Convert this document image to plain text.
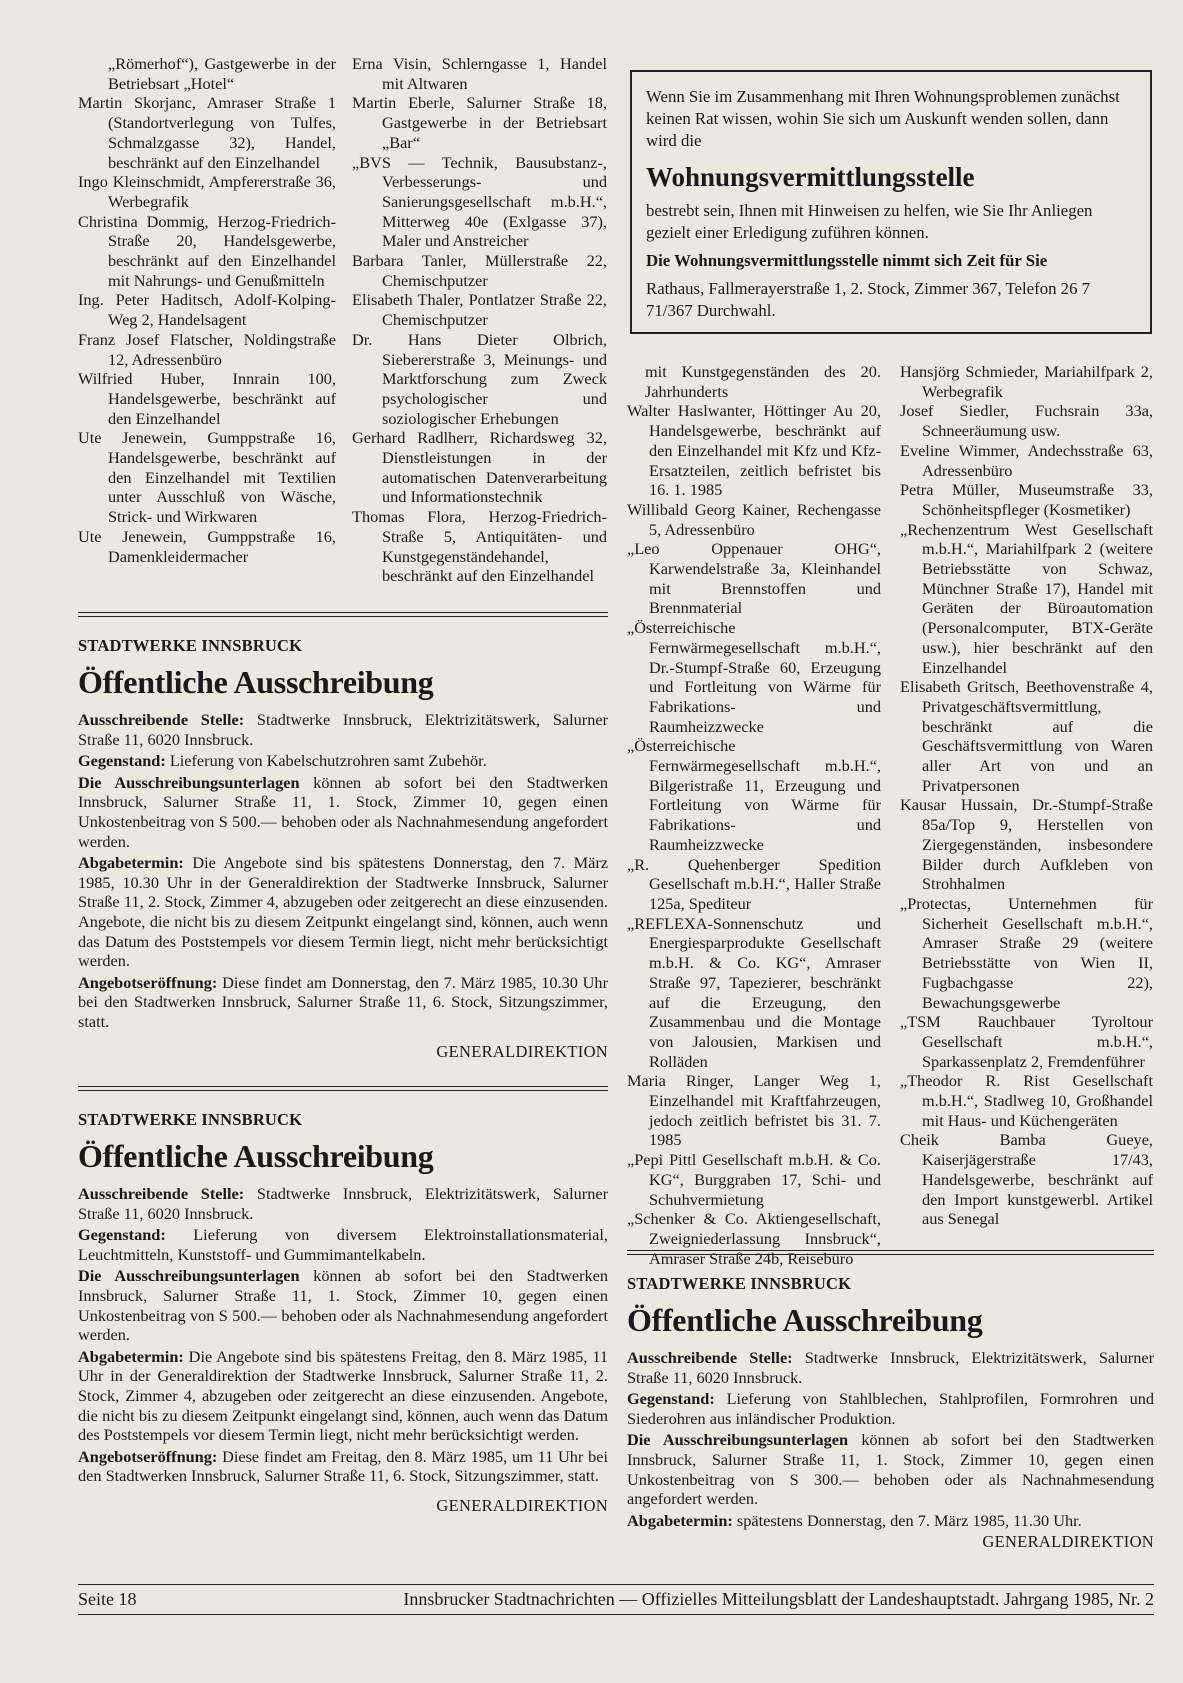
„Römerhof“), Gastgewerbe in der Betriebsart „Hotel“
Martin Skorjanc, Amraser Straße 1 (Standortverlegung von Tulfes, Schmalzgasse 32), Handel, beschränkt auf den Einzelhandel
Ingo Kleinschmidt, Ampfererstraße 36, Werbegrafik
Christina Dommig, Herzog-Friedrich-Straße 20, Handelsgewerbe, beschränkt auf den Einzelhandel mit Nahrungs- und Genußmitteln
Ing. Peter Haditsch, Adolf-Kolping-Weg 2, Handelsagent
Franz Josef Flatscher, Noldingstraße 12, Adressenbüro
Wilfried Huber, Innrain 100, Handelsgewerbe, beschränkt auf den Einzelhandel
Ute Jenewein, Gumppstraße 16, Handelsgewerbe, beschränkt auf den Einzelhandel mit Textilien unter Ausschluß von Wäsche, Strick- und Wirkwaren
Ute Jenewein, Gumppstraße 16, Damenkleidermacher
Erna Visin, Schlerngasse 1, Handel mit Altwaren
Martin Eberle, Salurner Straße 18, Gastgewerbe in der Betriebsart „Bar“
„BVS — Technik, Bausubstanz-, Verbesserungs- und Sanierungsgesellschaft m.b.H.“, Mitterweg 40e (Exlgasse 37), Maler und Anstreicher
Barbara Tanler, Müllerstraße 22, Chemischputzer
Elisabeth Thaler, Pontlatzer Straße 22, Chemischputzer
Dr. Hans Dieter Olbrich, Siebererstraße 3, Meinungs- und Marktforschung zum Zweck psychologischer und soziologischer Erhebungen
Gerhard Radlherr, Richardsweg 32, Dienstleistungen in der automatischen Datenverarbeitung und Informationstechnik
Thomas Flora, Herzog-Friedrich-Straße 5, Antiquitäten- und Kunstgegenständehandel, beschränkt auf den Einzelhandel

Wenn Sie im Zusammenhang mit Ihren Wohnungsproblemen zunächst keinen Rat wissen, wohin Sie sich um Auskunft wenden sollen, dann wird die

Wohnungsvermittlungsstelle

bestrebt sein, Ihnen mit Hinweisen zu helfen, wie Sie Ihr Anliegen gezielt einer Erledigung zuführen können.

Die Wohnungsvermittlungsstelle nimmt sich Zeit für Sie

Rathaus, Fallmerayerstraße 1, 2. Stock, Zimmer 367, Telefon 26 7 71/367 Durchwahl.

mit Kunstgegenständen des 20. Jahrhunderts
Walter Haslwanter, Höttinger Au 20, Handelsgewerbe, beschränkt auf den Einzelhandel mit Kfz und Kfz-Ersatzteilen, zeitlich befristet bis 16. 1. 1985
Willibald Georg Kainer, Rechengasse 5, Adressenbüro
„Leo Oppenauer OHG“, Karwendelstraße 3a, Kleinhandel mit Brennstoffen und Brennmaterial
„Österreichische Fernwärmegesellschaft m.b.H.“, Dr.-Stumpf-Straße 60, Erzeugung und Fortleitung von Wärme für Fabrikations- und Raumheizzwecke
„Österreichische Fernwärmegesellschaft m.b.H.“, Bilgeristraße 11, Erzeugung und Fortleitung von Wärme für Fabrikations- und Raumheizzwecke
„R. Quehenberger Spedition Gesellschaft m.b.H.“, Haller Straße 125a, Spediteur
„REFLEXA-Sonnenschutz und Energiesparprodukte Gesellschaft m.b.H. & Co. KG“, Amraser Straße 97, Tapezierer, beschränkt auf die Erzeugung, den Zusammenbau und die Montage von Jalousien, Markisen und Rolläden
Maria Ringer, Langer Weg 1, Einzelhandel mit Kraftfahrzeugen, jedoch zeitlich befristet bis 31. 7. 1985
„Pepi Pittl Gesellschaft m.b.H. & Co. KG“, Burggraben 17, Schi- und Schuhvermietung
„Schenker & Co. Aktiengesellschaft, Zweigniederlassung Innsbruck“, Amraser Straße 24b, Reisebüro
Hansjörg Schmieder, Mariahilfpark 2, Werbegrafik
Josef Siedler, Fuchsrain 33a, Schneeräumung usw.
Eveline Wimmer, Andechsstraße 63, Adressenbüro
Petra Müller, Museumstraße 33, Schönheitspfleger (Kosmetiker)
„Rechenzentrum West Gesellschaft m.b.H.“, Mariahilfpark 2 (weitere Betriebsstätte von Schwaz, Münchner Straße 17), Handel mit Geräten der Büroautomation (Personalcomputer, BTX-Geräte usw.), hier beschränkt auf den Einzelhandel
Elisabeth Gritsch, Beethovenstraße 4, Privatgeschäftsvermittlung, beschränkt auf die Geschäftsvermittlung von Waren aller Art von und an Privatpersonen
Kausar Hussain, Dr.-Stumpf-Straße 85a/Top 9, Herstellen von Ziergegenständen, insbesondere Bilder durch Aufkleben von Strohhalmen
„Protectas, Unternehmen für Sicherheit Gesellschaft m.b.H.“, Amraser Straße 29 (weitere Betriebsstätte von Wien II, Fugbachgasse 22), Bewachungsgewerbe
„TSM Rauchbauer Tyroltour Gesellschaft m.b.H.“, Sparkassenplatz 2, Fremdenführer
„Theodor R. Rist Gesellschaft m.b.H.“, Stadlweg 10, Großhandel mit Haus- und Küchengeräten
Cheik Bamba Gueye, Kaiserjägerstraße 17/43, Handelsgewerbe, beschränkt auf den Import kunstgewerbl. Artikel aus Senegal
STADTWERKE INNSBRUCK
Öffentliche Ausschreibung

Ausschreibende Stelle: Stadtwerke Innsbruck, Elektrizitätswerk, Salurner Straße 11, 6020 Innsbruck.

Gegenstand: Lieferung von Kabelschutzrohren samt Zubehör.

Die Ausschreibungsunterlagen können ab sofort bei den Stadtwerken Innsbruck, Salurner Straße 11, 1. Stock, Zimmer 10, gegen einen Unkostenbeitrag von S 500.— behoben oder als Nachnahmesendung angefordert werden.

Abgabetermin: Die Angebote sind bis spätestens Donnerstag, den 7. März 1985, 10.30 Uhr in der Generaldirektion der Stadtwerke Innsbruck, Salurner Straße 11, 2. Stock, Zimmer 4, abzugeben oder zeitgerecht an diese einzusenden. Angebote, die nicht bis zu diesem Zeitpunkt eingelangt sind, können, auch wenn das Datum des Poststempels vor diesem Termin liegt, nicht mehr berücksichtigt werden.

Angebotseröffnung: Diese findet am Donnerstag, den 7. März 1985, 10.30 Uhr bei den Stadtwerken Innsbruck, Salurner Straße 11, 6. Stock, Sitzungszimmer, statt.

GENERALDIREKTION
STADTWERKE INNSBRUCK
Öffentliche Ausschreibung

Ausschreibende Stelle: Stadtwerke Innsbruck, Elektrizitätswerk, Salurner Straße 11, 6020 Innsbruck.

Gegenstand: Lieferung von diversem Elektroinstallationsmaterial, Leuchtmitteln, Kunststoff- und Gummimantelkabeln.

Die Ausschreibungsunterlagen können ab sofort bei den Stadtwerken Innsbruck, Salurner Straße 11, 1. Stock, Zimmer 10, gegen einen Unkostenbeitrag von S 500.— behoben oder als Nachnahmesendung angefordert werden.

Abgabetermin: Die Angebote sind bis spätestens Freitag, den 8. März 1985, 11 Uhr in der Generaldirektion der Stadtwerke Innsbruck, Salurner Straße 11, 2. Stock, Zimmer 4, abzugeben oder zeitgerecht an diese einzusenden. Angebote, die nicht bis zu diesem Zeitpunkt eingelangt sind, können, auch wenn das Datum des Poststempels vor diesem Termin liegt, nicht mehr berücksichtigt werden.

Angebotseröffnung: Diese findet am Freitag, den 8. März 1985, um 11 Uhr bei den Stadtwerken Innsbruck, Salurner Straße 11, 6. Stock, Sitzungszimmer, statt.

GENERALDIREKTION
STADTWERKE INNSBRUCK
Öffentliche Ausschreibung

Ausschreibende Stelle: Stadtwerke Innsbruck, Elektrizitätswerk, Salurner Straße 11, 6020 Innsbruck.

Gegenstand: Lieferung von Stahlblechen, Stahlprofilen, Formrohren und Siederohren aus inländischer Produktion.

Die Ausschreibungsunterlagen können ab sofort bei den Stadtwerken Innsbruck, Salurner Straße 11, 1. Stock, Zimmer 10, gegen einen Unkostenbeitrag von S 300.— behoben oder als Nachnahmesendung angefordert werden.

Abgabetermin: spätestens Donnerstag, den 7. März 1985, 11.30 Uhr.

GENERALDIREKTION
Seite 18	Innsbrucker Stadtnachrichten — Offizielles Mitteilungsblatt der Landeshauptstadt. Jahrgang 1985, Nr. 2
